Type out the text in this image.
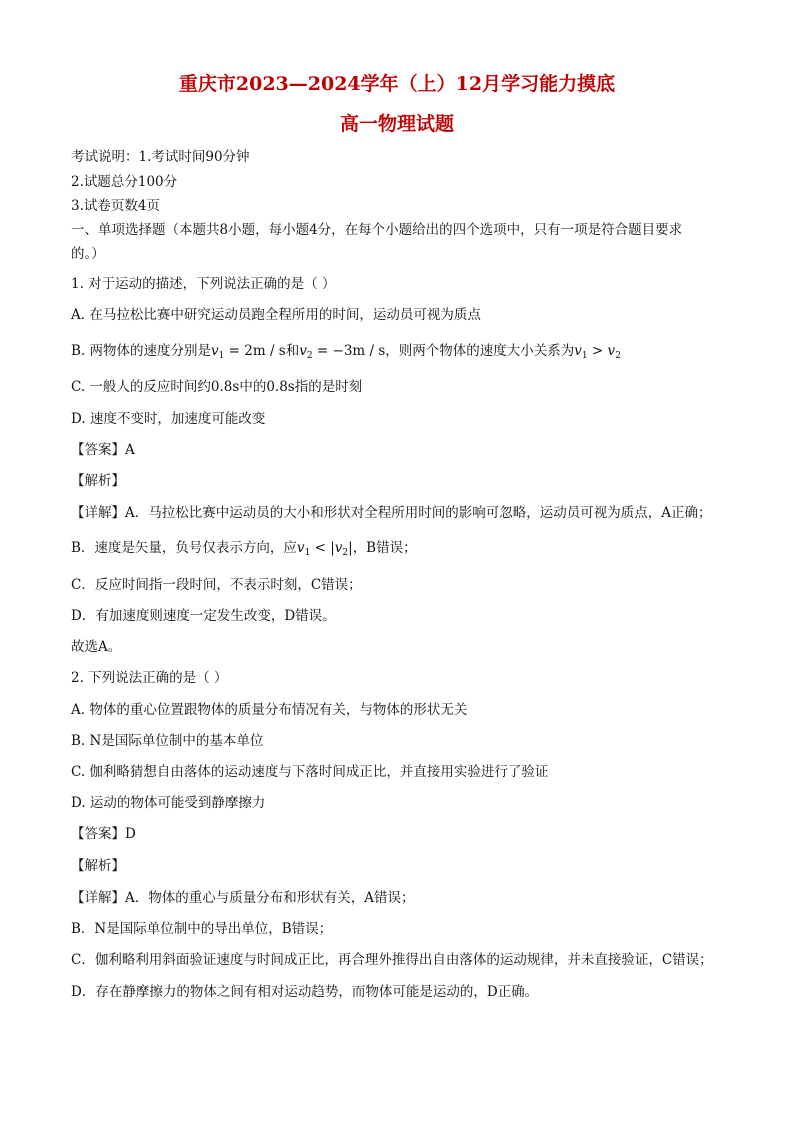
重庆市2023—2024学年（上）12月学习能力摸底
高一物理试题
考试说明：1.考试时间90分钟
2.试题总分100分
3.试卷页数4页
一、单项选择题（本题共8小题，每小题4分，在每个小题给出的四个选项中，只有一项是符合题目要求
的。）
1. 对于运动的描述，下列说法正确的是（ ）
A. 在马拉松比赛中研究运动员跑全程所用的时间，运动员可视为质点
B. 两物体的速度分别是$v_1 = 2m / s$和$v_2 = -3m / s$，则两个物体的速度大小关系为$v_1 > v_2$
C. 一般人的反应时间约0.8s中的0.8s指的是时刻
D. 速度不变时，加速度可能改变
【答案】A
【解析】
【详解】A．马拉松比赛中运动员的大小和形状对全程所用时间的影响可忽略，运动员可视为质点，A正确；
B．速度是矢量，负号仅表示方向，应$v_1 < |v_2|$，B错误；
C．反应时间指一段时间，不表示时刻，C错误；
D．有加速度则速度一定发生改变，D错误。
故选A。
2. 下列说法正确的是（ ）
A. 物体的重心位置跟物体的质量分布情况有关，与物体的形状无关
B. N是国际单位制中的基本单位
C. 伽利略猜想自由落体的运动速度与下落时间成正比，并直接用实验进行了验证
D. 运动的物体可能受到静摩擦力
【答案】D
【解析】
【详解】A．物体的重心与质量分布和形状有关，A错误；
B．N是国际单位制中的导出单位，B错误；
C．伽利略利用斜面验证速度与时间成正比，再合理外推得出自由落体的运动规律，并未直接验证，C错误；
D．存在静摩擦力的物体之间有相对运动趋势，而物体可能是运动的，D正确。
